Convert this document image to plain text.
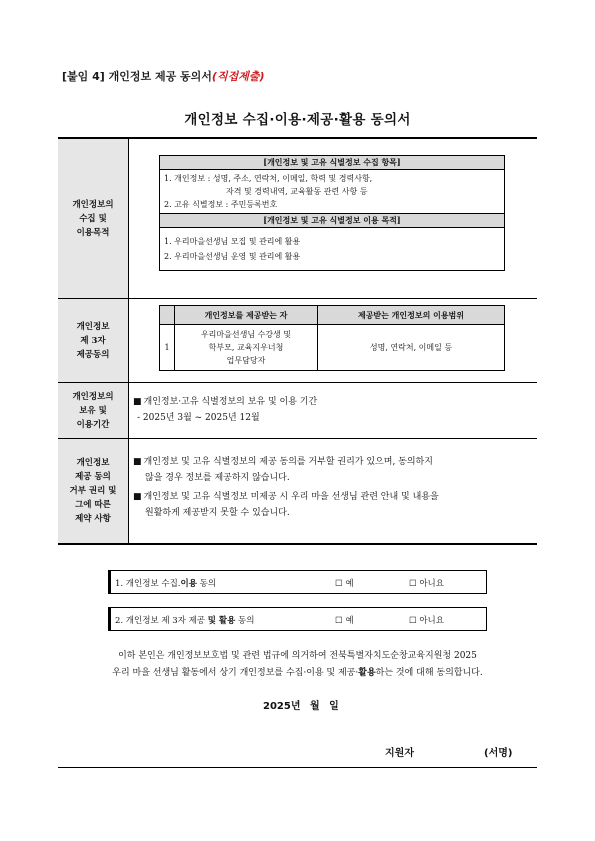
[붙임 4] 개인정보 제공 동의서(직접제출)
개인정보 수집·이용·제공·활용 동의서
개인정보의
수집 및
이용목적
[개인정보 및 고유 식별정보 수집 항목]

1. 개인정보 : 성명, 주소, 연락처, 이메일, 학력 및 경력사항,
자격 및 경력내역, 교육활동 관련 사항 등
2. 고유 식별정보 : 주민등록번호

[개인정보 및 고유 식별정보 이용 목적]

1. 우리마을선생님 모집 및 관리에 활용
2. 우리마을선생님 운영 및 관리에 활용
개인정보
제 3자
제공동의
	개인정보를 제공받는 자	제공받는 개인정보의 이용범위
1	우리마을선생님 수강생 및
학부모, 교육지우너청
업무담당자	성명, 연락처, 이메일 등
개인정보의
보유 및
이용기간
■ 개인정보·고유 식별정보의 보유 및 이용 기간
- 2025년 3월 ~ 2025년 12월
개인정보
제공 동의
거부 권리 및
그에 따른
제약 사항
■ 개인정보 및 고유 식별정보의 제공 동의를 거부할 권리가 있으며, 동의하지
않을 경우 정보를 제공하지 않습니다.
■ 개인정보 및 고유 식별정보 미제공 시 우리 마을 선생님 관련 안내 및 내용을
원활하게 제공받지 못할 수 있습니다.
1. 개인정보 수집.이용 동의	☐ 예	☐ 아니요
2. 개인정보 제 3자 제공 및 활용 동의	☐ 예	☐ 아니요
이하 본인은 개인정보보호법 및 관련 법규에 의거하여 전북특별자치도순창교육지원청 2025
우리 마을 선생님 활동에서 상기 개인정보를 수집·이용 및 제공·활용하는 것에 대해 동의합니다.
2025년 월 일
지원자	(서명)
